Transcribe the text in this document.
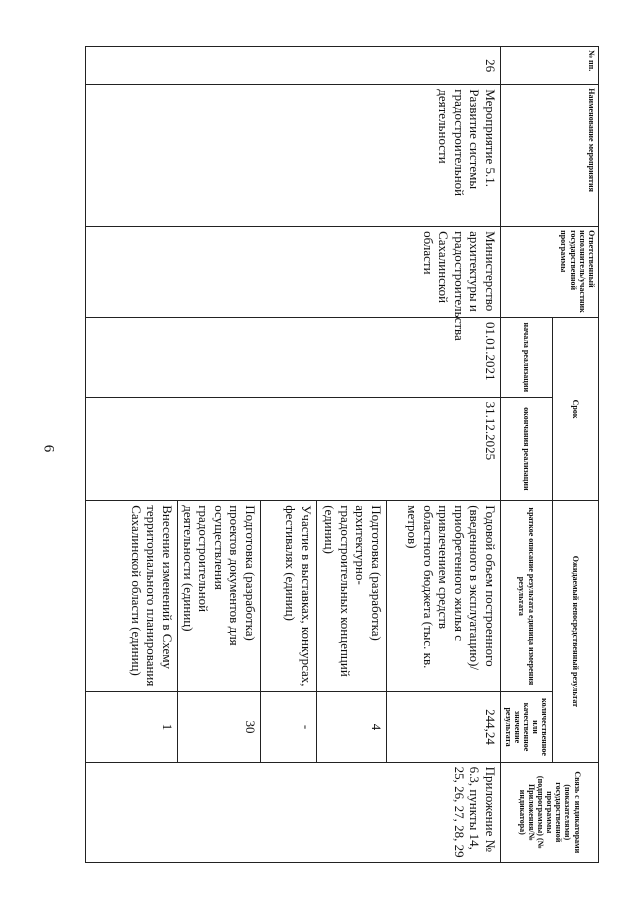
6
№ пп.	Наименование мероприятия	Ответственный исполнитель/участник государственной программы	Срок		Ожидаемый непосредственный результат		Связь с индикаторами (показателями) государственной программы (подпрограммы) (№ Приложения/№ индикатора)
			начала реализации	окончания реализации	краткое описание результата единица измерения результата	количественное или качественное значение результата	
26	Мероприятие 5.1. Развитие системы градостроительной деятельности	Министерство архитектуры и градостроительства Сахалинской области	01.01.2021	31.12.2025	Годовой объем построенного (введенного в эксплуатацию)/приобретенного жилья с привлечением средств областного бюджета (тыс. кв. метров)	244,24	Приложение № 6.3, пункты 14, 25, 26, 27, 28, 29
					Подготовка (разработка) архитектурно-градостроительных концепций (единиц)	4	
					Участие в выставках, конкурсах, фестивалях (единиц)	-	
					Подготовка (разработка) проектов документов для осуществления градостроительной деятельности (единиц)	30	
					Внесение изменений в Схему территориального планирования Сахалинской области (единиц)	1	
